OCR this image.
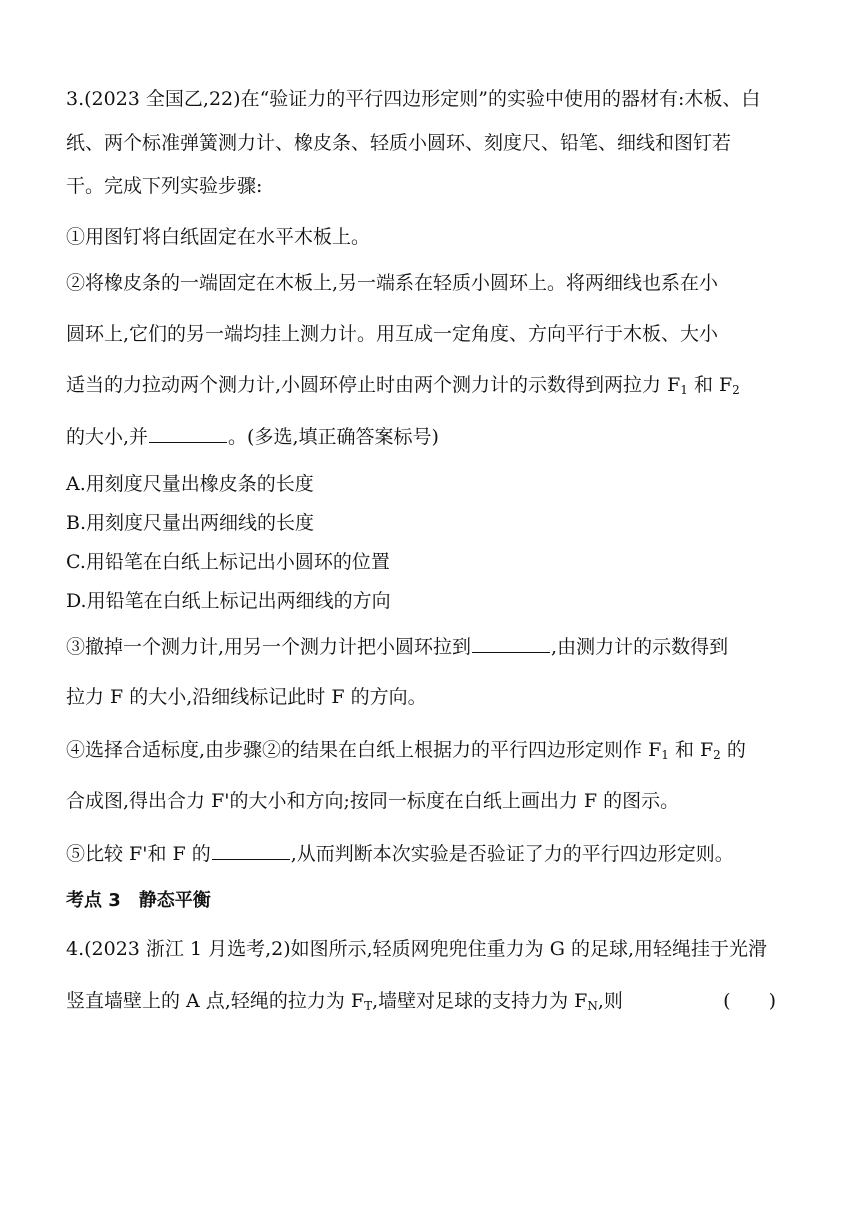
3.(2023 全国乙,22)在“验证力的平行四边形定则”的实验中使用的器材有:木板、白
纸、两个标准弹簧测力计、橡皮条、轻质小圆环、刻度尺、铅笔、细线和图钉若
干。完成下列实验步骤:
①用图钉将白纸固定在水平木板上。
②将橡皮条的一端固定在木板上,另一端系在轻质小圆环上。将两细线也系在小
圆环上,它们的另一端均挂上测力计。用互成一定角度、方向平行于木板、大小
适当的力拉动两个测力计,小圆环停止时由两个测力计的示数得到两拉力 $F_1$ 和 $F_2$
的大小,并	。(多选,填正确答案标号)
A.用刻度尺量出橡皮条的长度
B.用刻度尺量出两细线的长度
C.用铅笔在白纸上标记出小圆环的位置
D.用铅笔在白纸上标记出两细线的方向
③撤掉一个测力计,用另一个测力计把小圆环拉到	,由测力计的示数得到
拉力 F 的大小,沿细线标记此时 F 的方向。
④选择合适标度,由步骤②的结果在白纸上根据力的平行四边形定则作 $F_1$ 和 $F_2$ 的
合成图,得出合力 F'的大小和方向;按同一标度在白纸上画出力 F 的图示。
⑤比较 F'和 F 的	,从而判断本次实验是否验证了力的平行四边形定则。
考点 3　静态平衡
4.(2023 浙江 1 月选考,2)如图所示,轻质网兜兜住重力为 G 的足球,用轻绳挂于光滑
竖直墙壁上的 A 点,轻绳的拉力为 $F_T$,墙壁对足球的支持力为 $F_N$,则	(　　)
